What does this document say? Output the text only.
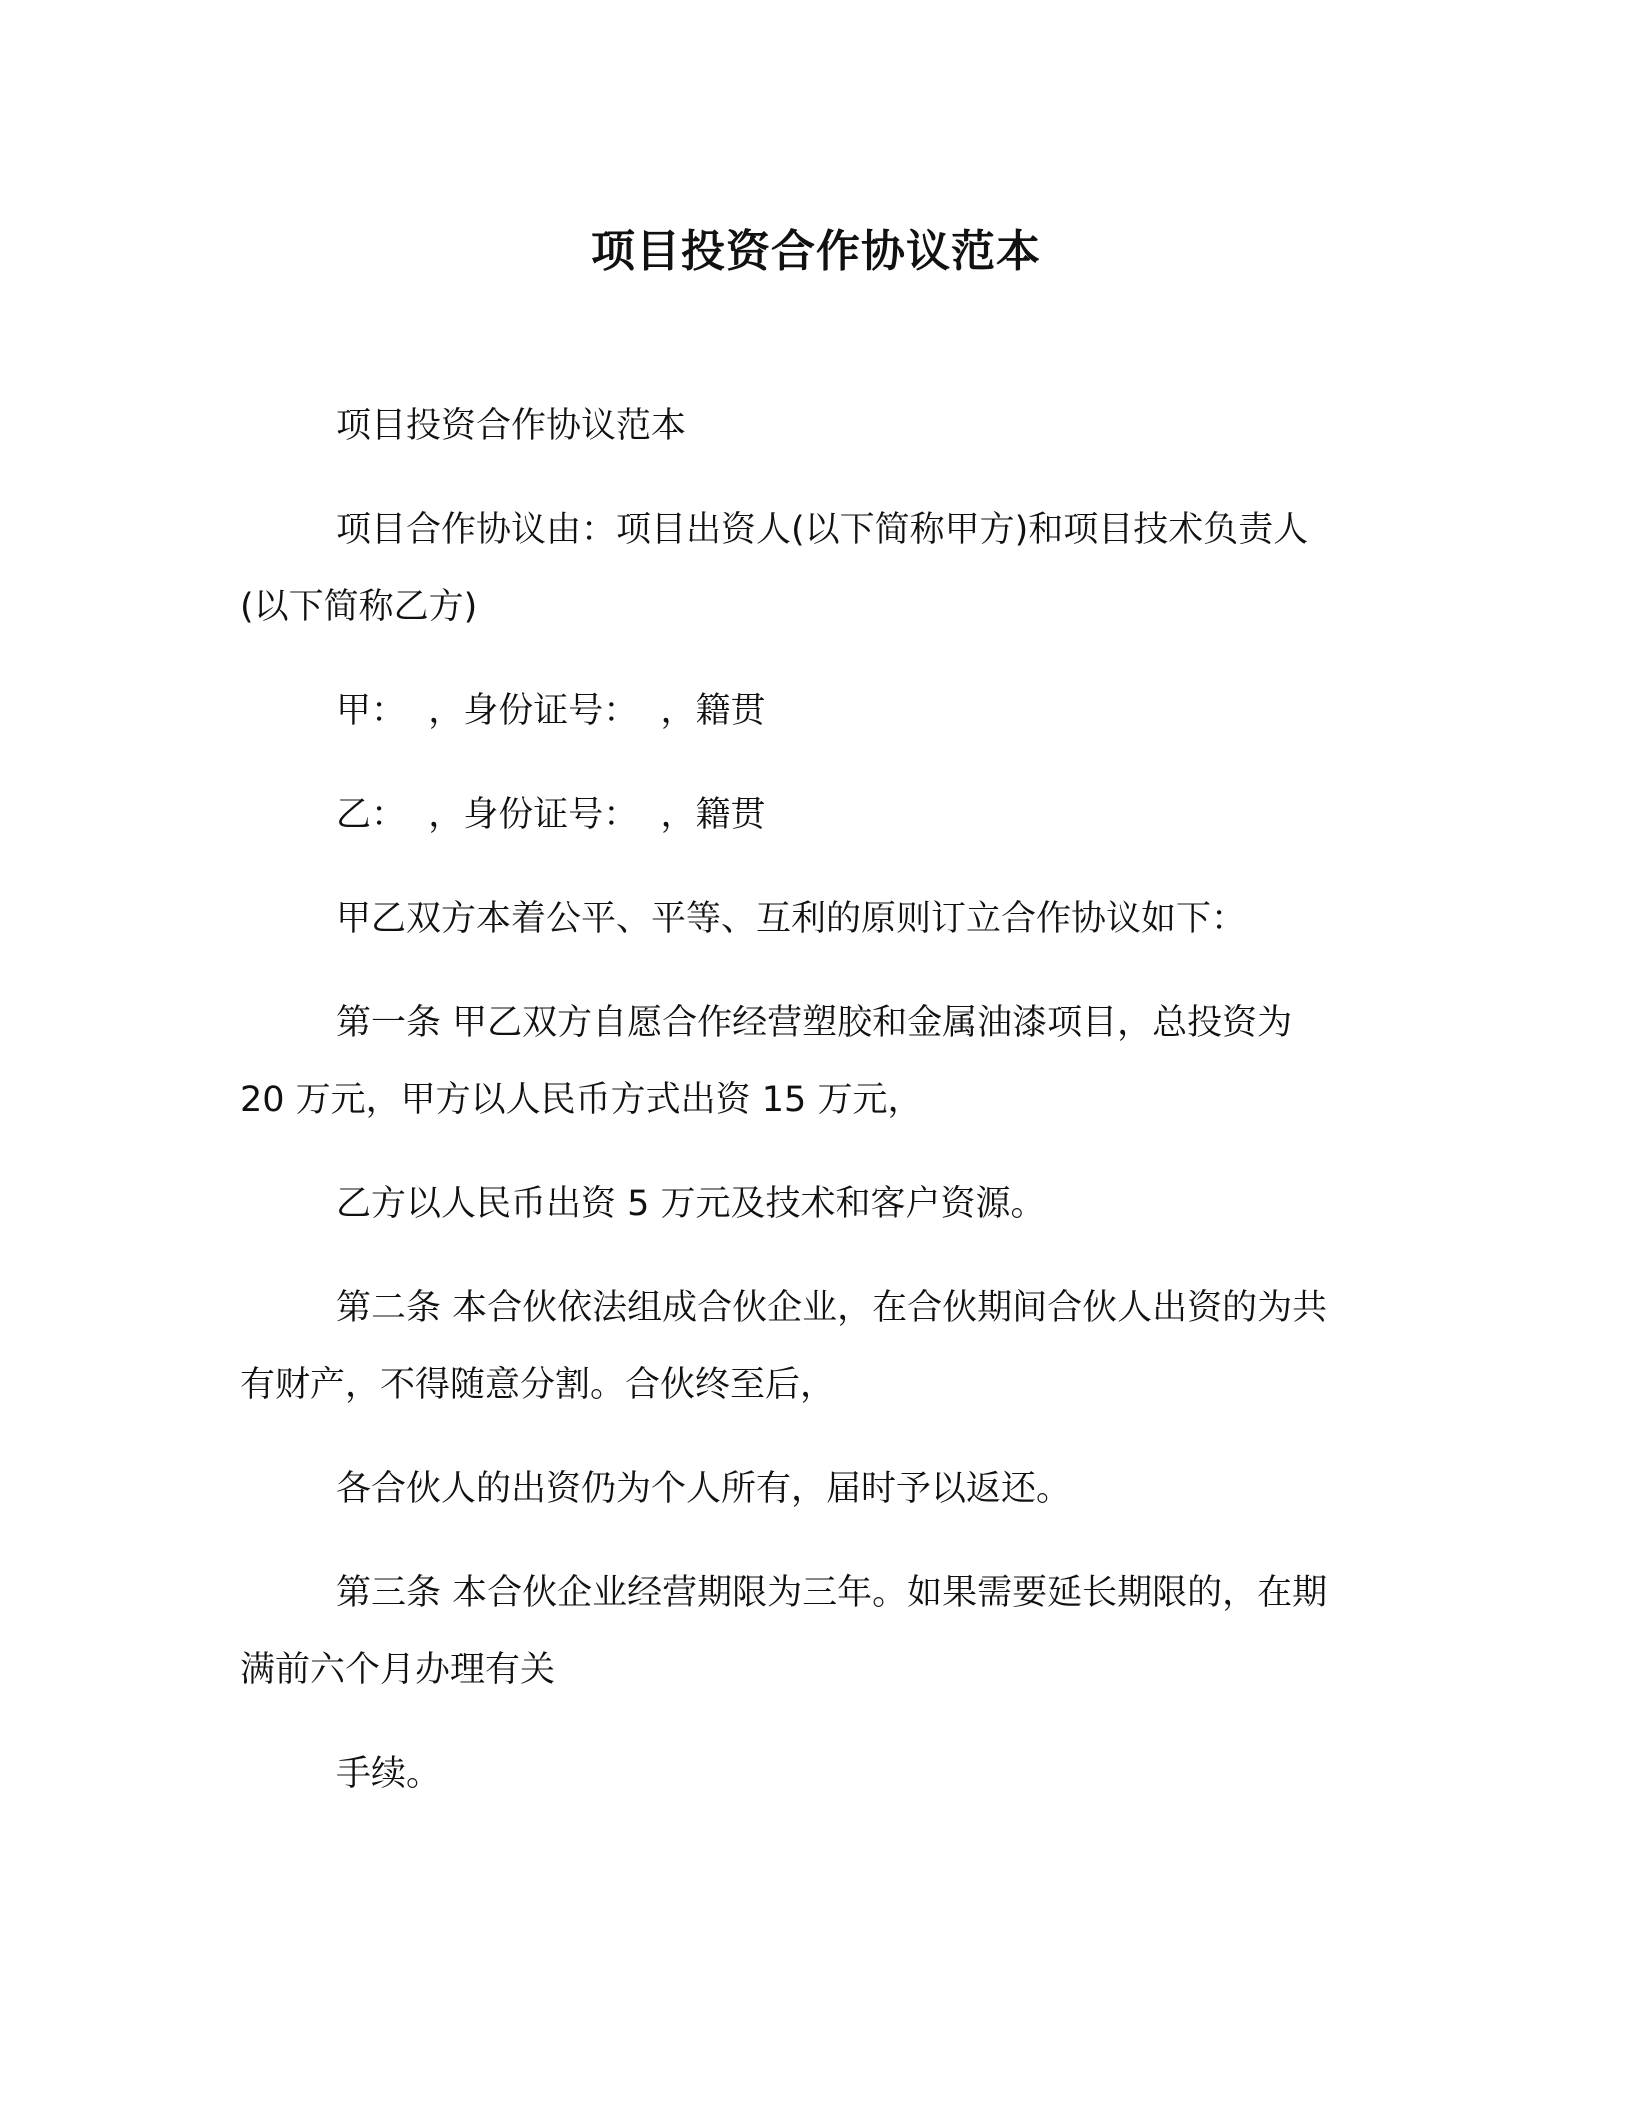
项目投资合作协议范本

项目投资合作协议范本

项目合作协议由：项目出资人(以下简称甲方)和项目技术负责人
(以下简称乙方)

甲：  ，身份证号：  ，籍贯

乙：  ，身份证号：  ，籍贯

甲乙双方本着公平、平等、互利的原则订立合作协议如下：

第一条 甲乙双方自愿合作经营塑胶和金属油漆项目，总投资为
20 万元，甲方以人民币方式出资 15 万元，

乙方以人民币出资 5 万元及技术和客户资源。

第二条 本合伙依法组成合伙企业，在合伙期间合伙人出资的为共
有财产，不得随意分割。合伙终至后，

各合伙人的出资仍为个人所有，届时予以返还。

第三条 本合伙企业经营期限为三年。如果需要延长期限的，在期
满前六个月办理有关

手续。
